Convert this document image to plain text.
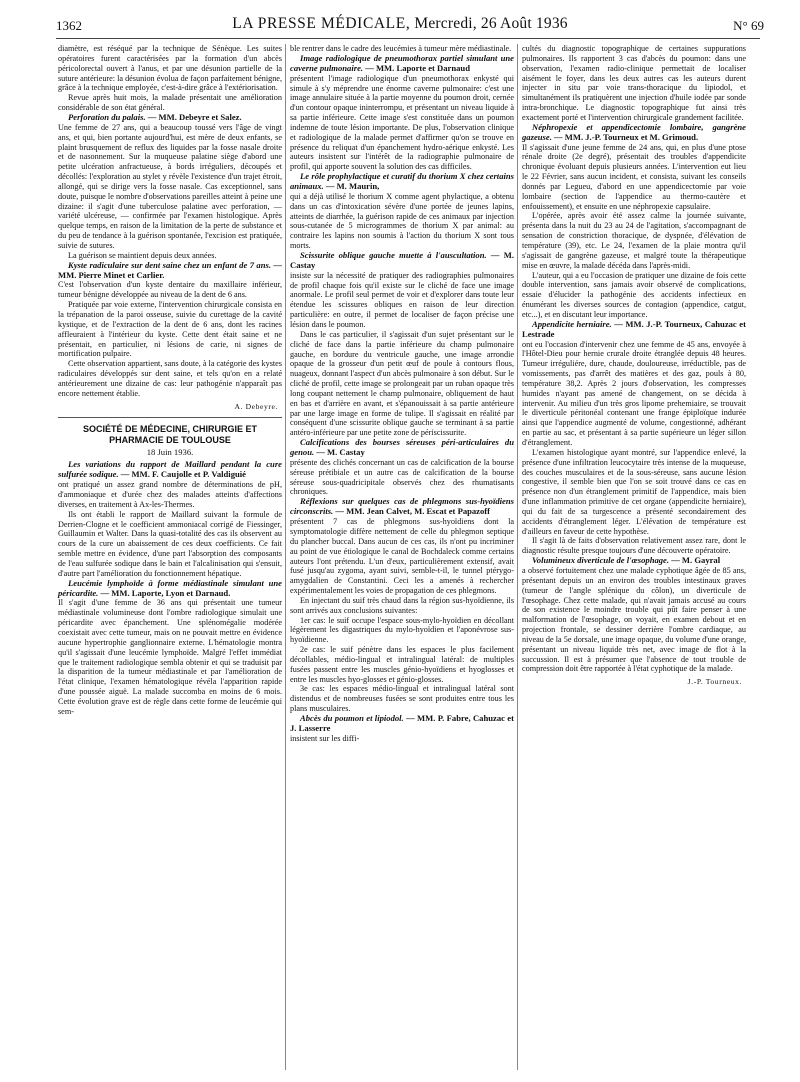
1362	LA PRESSE MÉDICALE, Mercredi, 26 Août 1936	N° 69

diamètre, est réséqué par la technique de Sénèque. Les suites opératoires furent caractérisées par la formation d'un abcès péricolorectal ouvert à l'anus, et par une désunion partielle de la suture antérieure: la désunion évolua de façon parfaitement bénigne, grâce à la technique employée, c'est-à-dire grâce à l'extériorisation.

Revue après huit mois, la malade présentait une amélioration considérable de son état général.

Perforation du palais. — MM. Debeyre et Salez.

Une femme de 27 ans, qui a beaucoup toussé vers l'âge de vingt ans, et qui, bien portante aujourd'hui, est mère de deux enfants, se plaint brusquement de reflux des liquides par la fosse nasale droite et de nasonnement. Sur la muqueuse palatine siège d'abord une petite ulcération anfractueuse, à bords irréguliers, découpés et décollés: l'exploration au stylet y révèle l'existence d'un trajet étroit, allongé, qui se dirige vers la fosse nasale. Cas exceptionnel, sans doute, puisque le nombre d'observations pareilles atteint à peine une dizaine: il s'agit d'une tuberculose palatine avec perforation, — variété ulcéreuse, — confirmée par l'examen histologique. Après quelque temps, en raison de la limitation de la perte de substance et du peu de tendance à la guérison spontanée, l'excision est pratiquée, suivie de sutures.

La guérison se maintient depuis deux années.

Kyste radiculaire sur dent saine chez un enfant de 7 ans. — MM. Pierre Minet et Carlier.

C'est l'observation d'un kyste dentaire du maxillaire inférieur, tumeur bénigne développée au niveau de la dent de 6 ans.

Pratiquée par voie externe, l'intervention chirurgicale consista en la trépanation de la paroi osseuse, suivie du curettage de la cavité kystique, et de l'extraction de la dent de 6 ans, dont les racines affleuraient à l'intérieur du kyste. Cette dent était saine et ne présentait, en particulier, ni lésions de carie, ni signes de mortification pulpaire.

Cette observation appartient, sans doute, à la catégorie des kystes radiculaires développés sur dent saine, et tels qu'on en a relaté antérieurement une dizaine de cas: leur pathogénie n'apparaît pas encore nettement établie.

A. Debeyre.
SOCIÉTÉ DE MÉDECINE, CHIRURGIE ET PHARMACIE DE TOULOUSE
18 Juin 1936.
Les variations du rapport de Maillard pendant la cure sulfurée sodique. — MM. F. Caujolle et P. Valdiguié

ont pratiqué un assez grand nombre de déterminations de pH, d'ammoniaque et d'urée chez des malades atteints d'affections diverses, en traitement à Ax-les-Thermes.

Ils ont établi le rapport de Maillard suivant la formule de Derrien-Clogne et le coefficient ammoniacal corrigé de Fiessinger, Guillaumin et Walter. Dans la quasi-totalité des cas ils observent au cours de la cure un abaissement de ces deux coefficients. Ce fait semble mettre en évidence, d'une part l'absorption des composants de l'eau sulfurée sodique dans le bain et l'alcalinisation qui s'ensuit, d'autre part l'amélioration du fonctionnement hépatique.

Leucémie lymphoïde à forme médiastinale simulant une péricardite. — MM. Laporte, Lyon et Darnaud.

Il s'agit d'une femme de 36 ans qui présentait une tumeur médiastinale volumineuse dont l'ombre radiologique simulait une péricardite avec épanchement. Une splénomégalie modérée coexistait avec cette tumeur, mais on ne pouvait mettre en évidence aucune hypertrophie ganglionnaire externe. L'hématologie montra qu'il s'agissait d'une leucémie lymphoïde. Malgré l'effet immédiat que le traitement radiologique sembla obtenir et qui se traduisit par la disparition de la tumeur médiastinale et par l'amélioration de l'état clinique, l'examen hématologique révéla l'apparition rapide d'une poussée aiguë. La malade succomba en moins de 6 mois. Cette évolution grave est de règle dans cette forme de leucémie qui sem-

ble rentrer dans le cadre des leucémies à tumeur mère médiastinale.

Image radiologique de pneumothorax partiel simulant une caverne pulmonaire. — MM. Laporte et Darnaud

présentent l'image radiologique d'un pneumothorax enkysté qui simule à s'y méprendre une énorme caverne pulmonaire: c'est une image annulaire située à la partie moyenne du poumon droit, cernée d'un contour opaque ininterrompu, et présentant un niveau liquide à sa partie inférieure. Cette image s'est constituée dans un poumon indemne de toute lésion importante. De plus, l'observation clinique et radiologique de la malade permet d'affirmer qu'on se trouve en présence du reliquat d'un épanchement hydro-aérique enkysté. Les auteurs insistent sur l'intérêt de la radiographie pulmonaire de profil, qui apporte souvent la solution des cas difficiles.

Le rôle prophylactique et curatif du thorium X chez certains animaux. — M. Maurin,

qui a déjà utilisé le thorium X comme agent phylactique, a obtenu dans un cas d'intoxication sévère d'une portée de jeunes lapins, atteints de diarrhée, la guérison rapide de ces animaux par injection sous-cutanée de 5 microgrammes de thorium X par animal: au contraire les lapins non soumis à l'action du thorium X sont tous morts.

Scissurite oblique gauche muette à l'auscultation. — M. Castay

insiste sur la nécessité de pratiquer des radiographies pulmonaires de profil chaque fois qu'il existe sur le cliché de face une image anormale. Le profil seul permet de voir et d'explorer dans toute leur étendue les scissures obliques en raison de leur direction particulière: en outre, il permet de localiser de façon précise une lésion dans le poumon.

Dans le cas particulier, il s'agissait d'un sujet présentant sur le cliché de face dans la partie inférieure du champ pulmonaire gauche, en bordure du ventricule gauche, une image arrondie opaque de la grosseur d'un petit œuf de poule à contours flous, nuageux, donnant l'aspect d'un abcès pulmonaire à son début. Sur le cliché de profil, cette image se prolongeait par un ruban opaque très long coupant nettement le champ pulmonaire, obliquement de haut en bas et d'arrière en avant, et s'épanouissait à sa partie antérieure par une large image en forme de tulipe. Il s'agissait en réalité par conséquent d'une scissurite oblique gauche se terminant à sa partie antéro-inférieure par une petite zone de périscissurite.

Calcifications des bourses séreuses péri-articulaires du genou. — M. Castay

présente des clichés concernant un cas de calcification de la bourse séreuse prétibiale et un autre cas de calcification de la bourse séreuse sous-quadricipitale observés chez des rhumatisants chroniques.

Réflexions sur quelques cas de phlegmons sus-hyoïdiens circonscrits. — MM. Jean Calvet, M. Escat et Papazoff

présentent 7 cas de phlegmons sus-hyoïdiens dont la symptomatologie diffère nettement de celle du phlegmon septique du plancher buccal. Dans aucun de ces cas, ils n'ont pu incriminer au point de vue étiologique le canal de Bochdaleck comme certains auteurs l'ont prétendu. L'un d'eux, particulièrement extensif, avait fusé jusqu'au zygoma, ayant suivi, semble-t-il, le tunnel ptérygo-amygdalien de Constantini. Ceci les a amenés à rechercher expérimentalement les voies de propagation de ces phlegmons.

En injectant du suif très chaud dans la région sus-hyoïdienne, ils sont arrivés aux conclusions suivantes:

1er cas: le suif occupe l'espace sous-mylo-hyoïdien en décollant légèrement les digastriques du mylo-hyoïdien et l'aponévrose sus-hyoïdienne.

2e cas: le suif pénètre dans les espaces le plus facilement décollables, médio-lingual et intralingual latéral: de multiples fusées passent entre les muscles génio-hyoïdiens et hyoglosses et entre les muscles hyo-glosses et génio-glosses.

3e cas: les espaces médio-lingual et intralingual latéral sont distendus et de nombreuses fusées se sont produites entre tous les plans musculaires.

Abcès du poumon et lipiodol. — MM. P. Fabre, Cahuzac et J. Lasserre

insistent sur les diffi-

cultés du diagnostic topographique de certaines suppurations pulmonaires. Ils rapportent 3 cas d'abcès du poumon: dans une observation, l'examen radio-clinique permettait de localiser aisément le foyer, dans les deux autres cas les auteurs durent injecter in situ par voie trans-thoracique du lipiodol, et simultanément ils pratiquèrent une injection d'huile iodée par sonde intra-bronchique. Le diagnostic topographique fut ainsi très exactement porté et l'intervention chirurgicale grandement facilitée.

Néphropexie et appendicectomie lombaire, gangrène gazeuse. — MM. J.-P. Tourneux et M. Grimoud.

Il s'agissait d'une jeune femme de 24 ans, qui, en plus d'une ptose rénale droite (2e degré), présentait des troubles d'appendicite chronique évoluant depuis plusieurs années. L'intervention eut lieu le 22 Février, sans aucun incident, et consista, suivant les conseils donnés par Legueu, d'abord en une appendicectomie par voie lombaire (section de l'appendice au thermo-cautère et enfouissement), et ensuite en une néphropexie capsulaire.

L'opérée, après avoir été assez calme la journée suivante, présenta dans la nuit du 23 au 24 de l'agitation, s'accompagnant de sensation de constriction thoracique, de dyspnée, d'élévation de température (39), etc. Le 24, l'examen de la plaie montra qu'il s'agissait de gangrène gazeuse, et malgré toute la thérapeutique mise en œuvre, la malade décéda dans l'après-midi.

L'auteur, qui a eu l'occasion de pratiquer une dizaine de fois cette double intervention, sans jamais avoir observé de complications, essaie d'élucider la pathogénie des accidents infectieux en énumérant les diverses sources de contagion (appendice, catgut, etc...), et en discutant leur importance.

Appendicite herniaire. — MM. J.-P. Tourneux, Cahuzac et Lestrade

ont eu l'occasion d'intervenir chez une femme de 45 ans, envoyée à l'Hôtel-Dieu pour hernie crurale droite étranglée depuis 48 heures. Tumeur irréguliére, dure, chaude, douloureuse, irréductible, pas de vomissements, pas d'arrêt des matières et des gaz, pouls à 80, température 38,2. Après 2 jours d'observation, les compresses humides n'ayant pas amené de changement, on se décida à intervenir. Au milieu d'un très gros lipome prehemiaire, se trouvait le diverticule péritonéal contenant une frange épiploïque indurée ainsi que l'appendice augmenté de volume, congestionné, adhérant en partie au sac, et présentant à sa partie supérieure un léger sillon d'étranglement.

L'examen histologique ayant montré, sur l'appendice enlevé, la présence d'une infiltration leucocytaire très intense de la muqueuse, des couches musculaires et de la sous-séreuse, sans aucune lésion congestive, il semble bien que l'on se soit trouvé dans ce cas en présence non d'un étranglement primitif de l'appendice, mais bien d'une inflammation primitive de cet organe (appendicite herniaire), qui du fait de sa turgescence a présenté secondairement des accidents d'étranglement léger. L'élévation de température est d'ailleurs en faveur de cette hypothèse.

Il s'agit là de faits d'observation relativement assez rare, dont le diagnostic résulte presque toujours d'une découverte opératoire.

Volumineux diverticule de l'œsophage. — M. Gayral

a observé fortuitement chez une malade cyphotique âgée de 85 ans, présentant depuis un an environ des troubles intestinaux graves (tumeur de l'angle splénique du côlon), un diverticule de l'œsophage. Chez cette malade, qui n'avait jamais accusé au cours de son existence le moindre trouble qui pût faire penser à une malformation de l'œsophage, on voyait, en examen debout et en projection frontale, se dessiner derrière l'ombre cardiaque, au niveau de la 5e dorsale, une image opaque, du volume d'une orange, présentant un niveau liquide très net, avec image de flot à la succussion. Il est à présumer que l'absence de tout trouble de compression doit être rapportée à l'état cyphotique de la malade.

J.-P. Tourneux.
